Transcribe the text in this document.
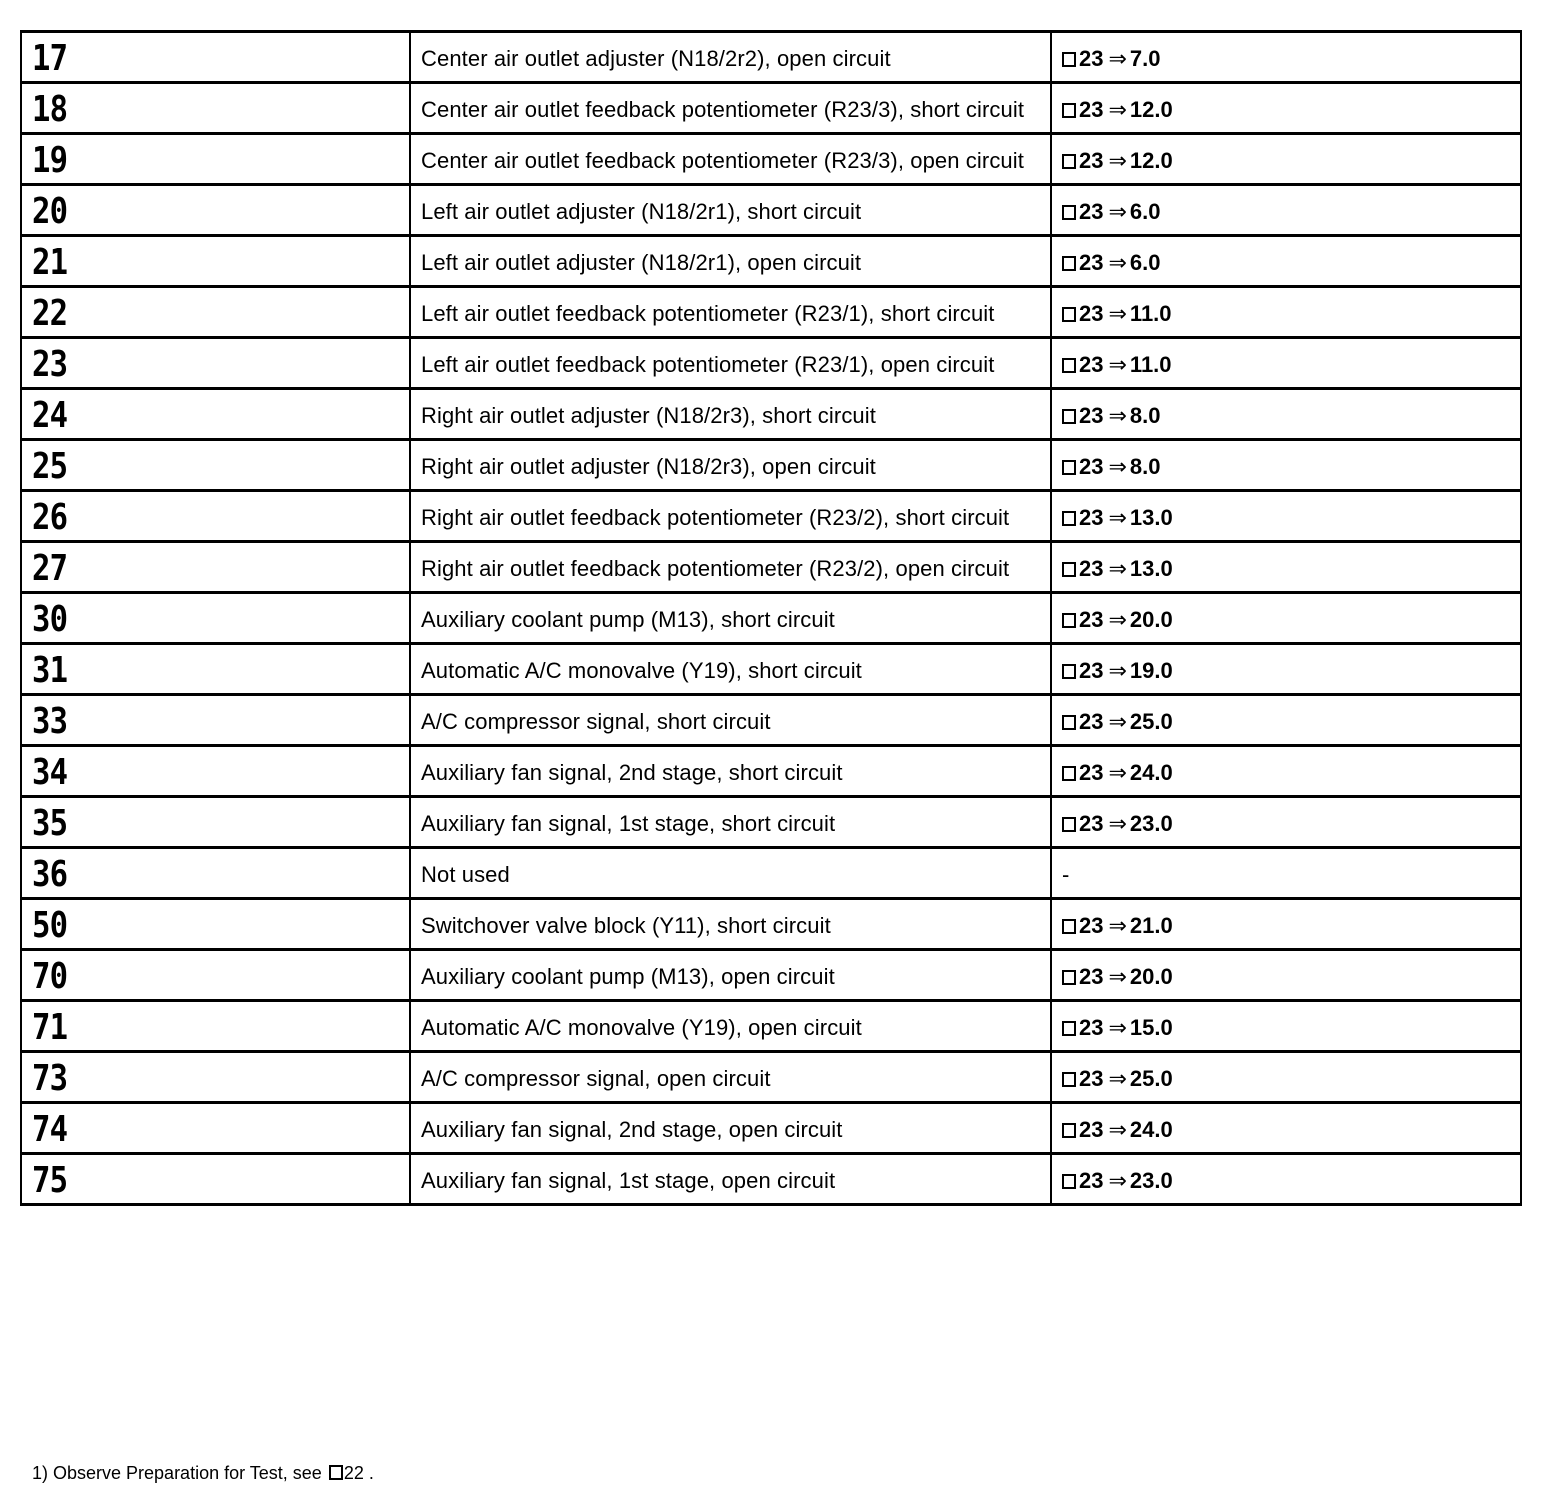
17	Center air outlet adjuster (N18/2r2), open circuit	23 ⇒ 7.0
18	Center air outlet feedback potentiometer (R23/3), short circuit	23 ⇒ 12.0
19	Center air outlet feedback potentiometer (R23/3), open circuit	23 ⇒ 12.0
20	Left air outlet adjuster (N18/2r1), short circuit	23 ⇒ 6.0
21	Left air outlet adjuster (N18/2r1), open circuit	23 ⇒ 6.0
22	Left air outlet feedback potentiometer (R23/1), short circuit	23 ⇒ 11.0
23	Left air outlet feedback potentiometer (R23/1), open circuit	23 ⇒ 11.0
24	Right air outlet adjuster (N18/2r3), short circuit	23 ⇒ 8.0
25	Right air outlet adjuster (N18/2r3), open circuit	23 ⇒ 8.0
26	Right air outlet feedback potentiometer (R23/2), short circuit	23 ⇒ 13.0
27	Right air outlet feedback potentiometer (R23/2), open circuit	23 ⇒ 13.0
30	Auxiliary coolant pump (M13), short circuit	23 ⇒ 20.0
31	Automatic A/C monovalve (Y19), short circuit	23 ⇒ 19.0
33	A/C compressor signal, short circuit	23 ⇒ 25.0
34	Auxiliary fan signal, 2nd stage, short circuit	23 ⇒ 24.0
35	Auxiliary fan signal, 1st stage, short circuit	23 ⇒ 23.0
36	Not used	-
50	Switchover valve block (Y11), short circuit	23 ⇒ 21.0
70	Auxiliary coolant pump (M13), open circuit	23 ⇒ 20.0
71	Automatic A/C monovalve (Y19), open circuit	23 ⇒ 15.0
73	A/C compressor signal, open circuit	23 ⇒ 25.0
74	Auxiliary fan signal, 2nd stage, open circuit	23 ⇒ 24.0
75	Auxiliary fan signal, 1st stage, open circuit	23 ⇒ 23.0
1) Observe Preparation for Test, see 22 .
